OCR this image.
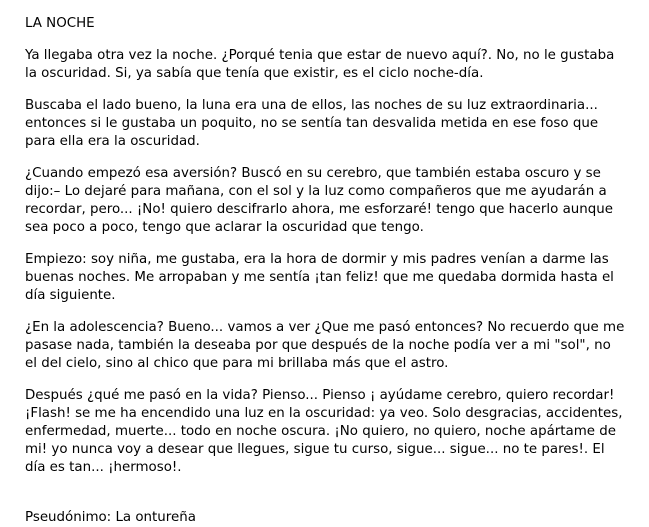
LA NOCHE

Ya llegaba otra vez la noche. ¿Porqué tenia que estar de nuevo aquí?. No, no le gustaba la oscuridad. Si, ya sabía que tenía que existir, es el ciclo noche-día.

Buscaba el lado bueno, la luna era una de ellos, las noches de su luz extraordinaria... entonces si le gustaba un poquito, no se sentía tan desvalida metida en ese foso que para ella era la oscuridad.

¿Cuando empezó esa aversión? Buscó en su cerebro, que también estaba oscuro y se dijo:– Lo dejaré para mañana, con el sol y la luz como compañeros que me ayudarán a recordar, pero... ¡No! quiero descifrarlo ahora, me esforzaré! tengo que hacerlo aunque sea poco a poco, tengo que aclarar la oscuridad que tengo.

Empiezo: soy niña, me gustaba, era la hora de dormir y mis padres venían a darme las buenas noches. Me arropaban y me sentía ¡tan feliz! que me quedaba dormida hasta el día siguiente.

¿En la adolescencia? Bueno... vamos a ver ¿Que me pasó entonces? No recuerdo que me pasase nada, también la deseaba por que después de la noche podía ver a mi "sol", no el del cielo, sino al chico que para mi brillaba más que el astro.

Después ¿qué me pasó en la vida? Pienso... Pienso ¡ ayúdame cerebro, quiero recordar! ¡Flash! se me ha encendido una luz en la oscuridad: ya veo. Solo desgracias, accidentes, enfermedad, muerte... todo en noche oscura. ¡No quiero, no quiero, noche apártame de mi! yo nunca voy a desear que llegues, sigue tu curso, sigue... sigue... no te pares!. El día es tan... ¡hermoso!.

Pseudónimo: La ontureña
